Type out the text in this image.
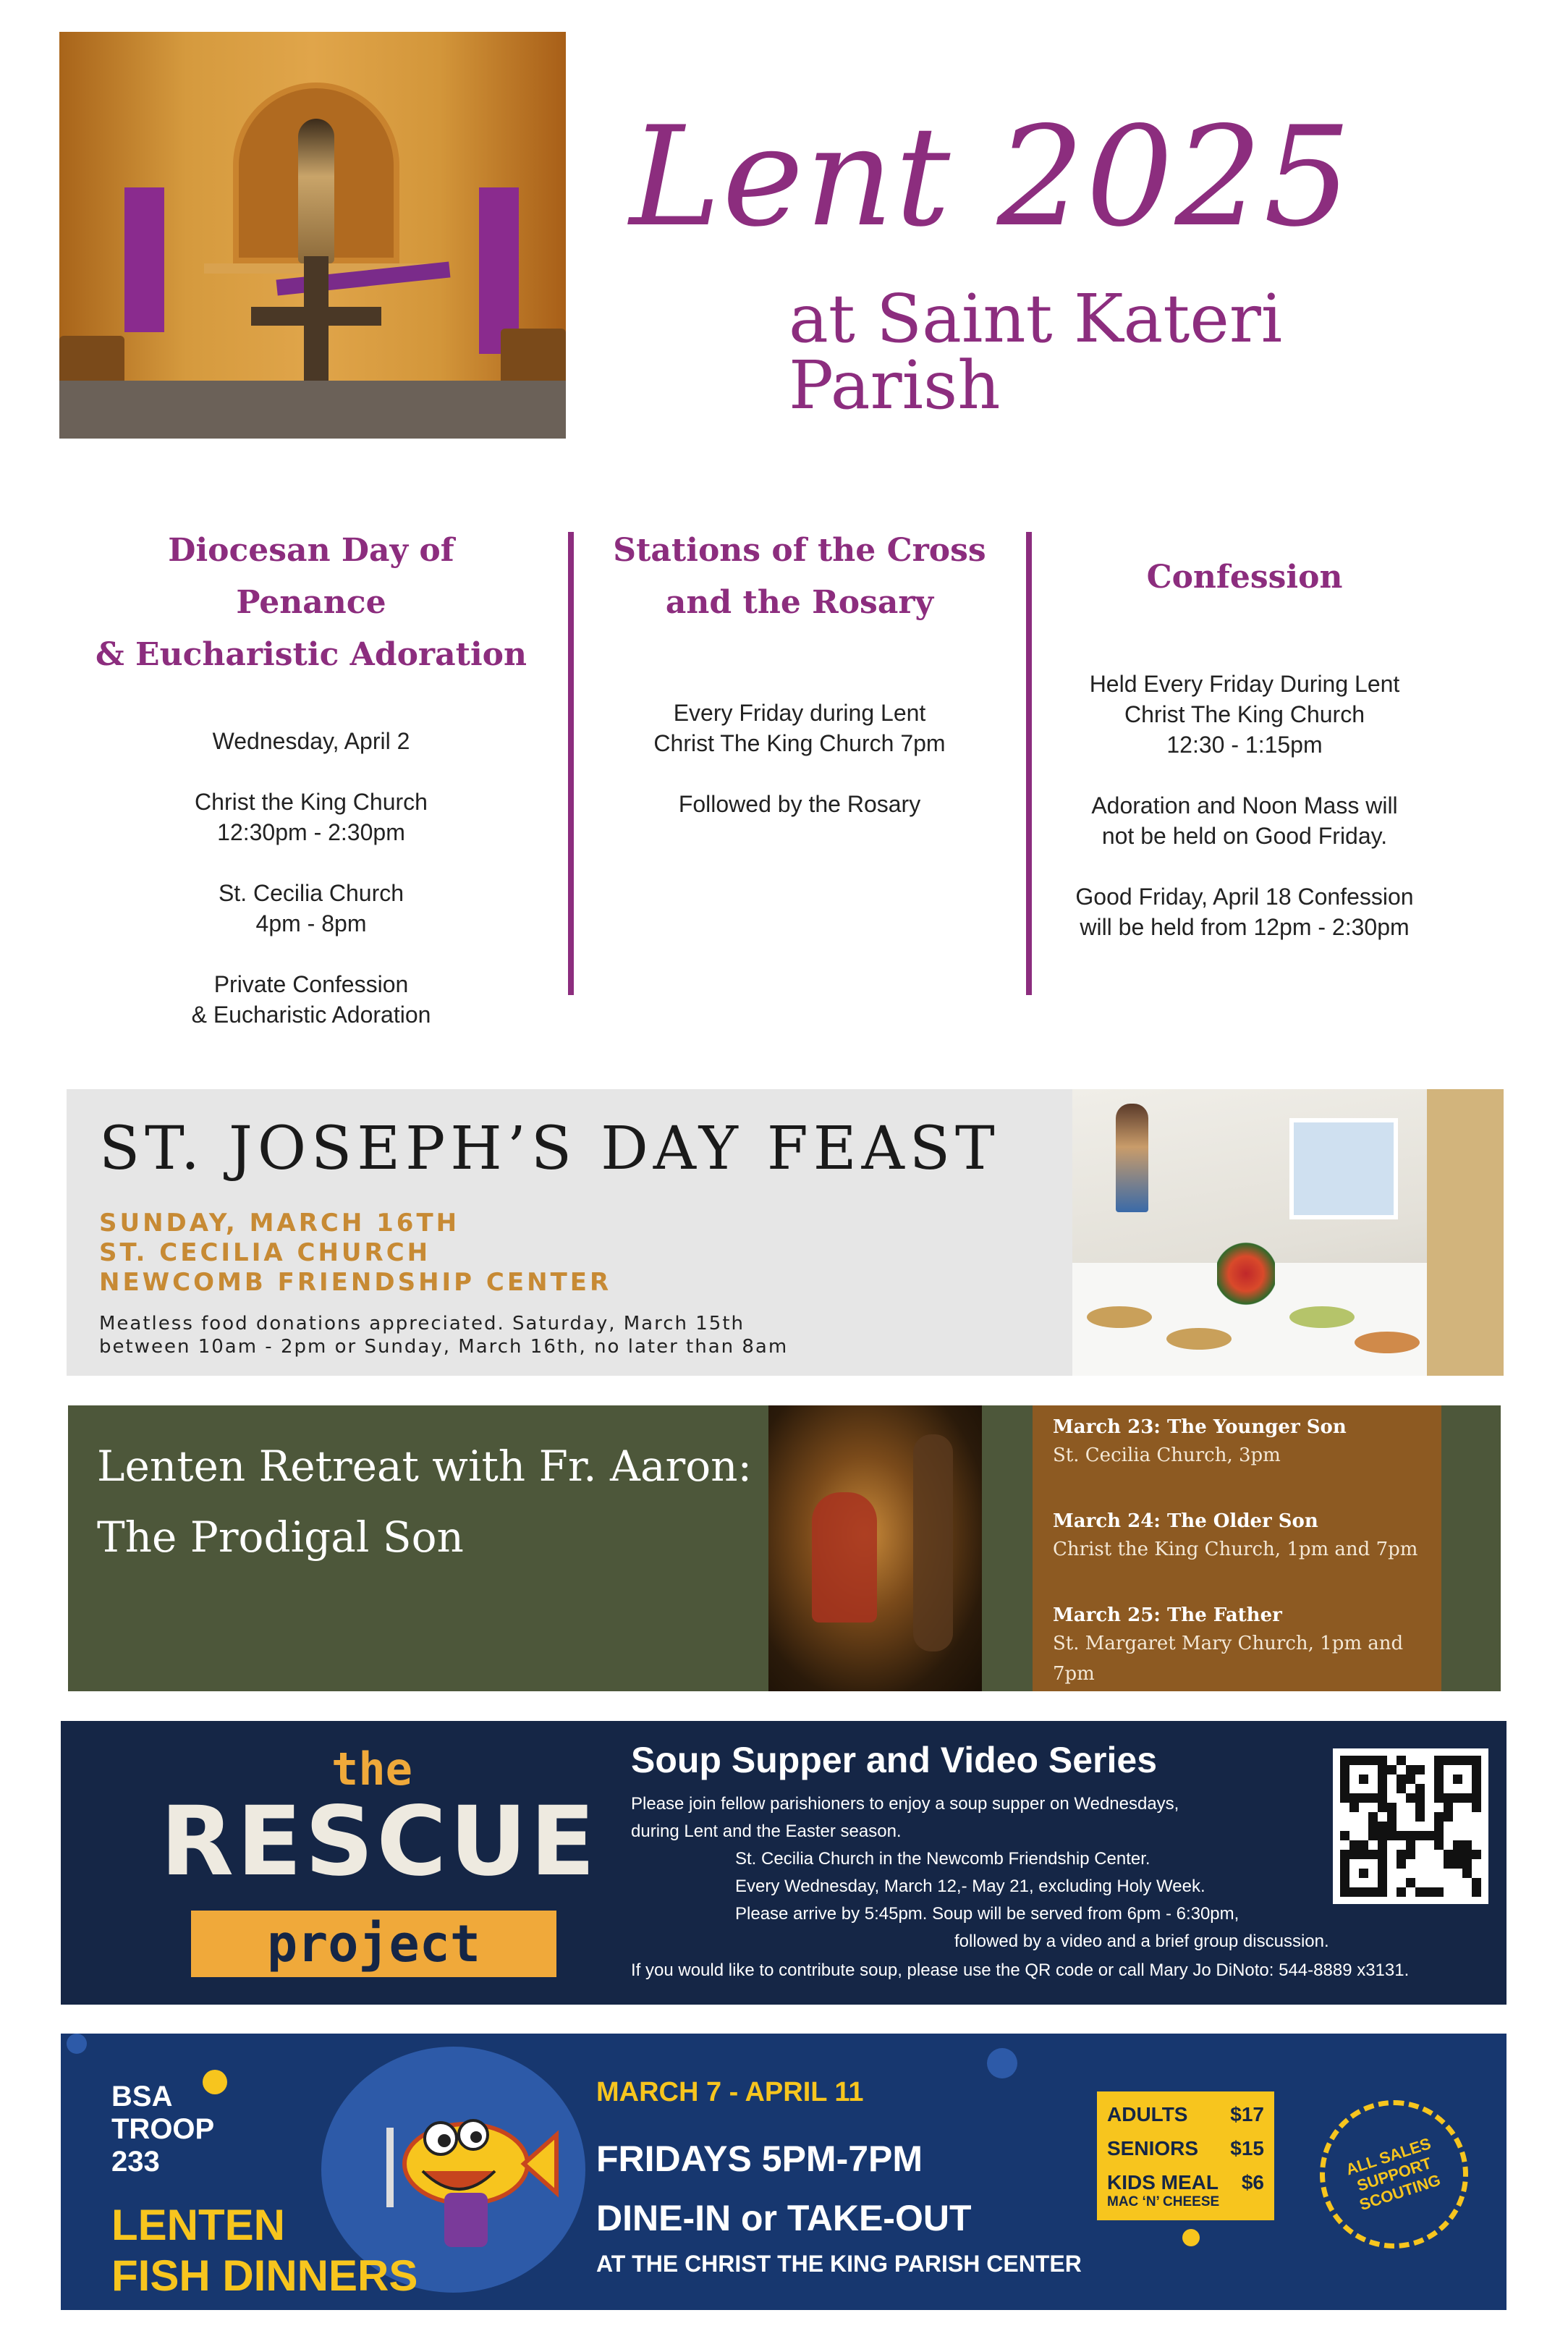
Lent 2025
at Saint Kateri Parish
Diocesan Day of Penance
& Eucharistic Adoration
Wednesday, April 2

Christ the King Church
12:30pm - 2:30pm

St. Cecilia Church
4pm - 8pm

Private Confession
& Eucharistic Adoration
Stations of the Cross
and the Rosary
Every Friday during Lent
Christ The King Church 7pm

Followed by the Rosary
Confession
Held Every Friday During Lent
Christ The King Church
12:30 - 1:15pm

Adoration and Noon Mass will
not be held on Good Friday.

Good Friday, April 18 Confession
will be held from 12pm - 2:30pm
ST. JOSEPH’S DAY FEAST
SUNDAY, MARCH 16TH
ST. CECILIA CHURCH
NEWCOMB FRIENDSHIP CENTER
Meatless food donations appreciated. Saturday, March 15th
between 10am - 2pm or Sunday, March 16th, no later than 8am
Lenten Retreat with Fr. Aaron:
The Prodigal Son
March 23: The Younger Son
St. Cecilia Church, 3pm
March 24: The Older Son
Christ the King Church, 1pm and 7pm
March 25: The Father
St. Margaret Mary Church, 1pm and 7pm
the
RESCUE
project
Soup Supper and Video Series
Please join fellow parishioners to enjoy a soup supper on Wednesdays,
during Lent and the Easter season.
St. Cecilia Church in the Newcomb Friendship Center.
Every Wednesday, March 12,- May 21, excluding Holy Week.
Please arrive by 5:45pm. Soup will be served from 6pm - 6:30pm,
followed by a video and a brief group discussion.
If you would like to contribute soup, please use the QR code or call Mary Jo DiNoto: 544-8889 x3131.
BSA
TROOP
233
LENTEN
FISH DINNERS
MARCH 7 - APRIL 11
FRIDAYS 5PM-7PM
DINE-IN or TAKE-OUT
AT THE CHRIST THE KING PARISH CENTER
ADULTS $17
SENIORS $15
KIDS MEAL $6
MAC ‘N’ CHEESE
ALL SALES
SUPPORT
SCOUTING
